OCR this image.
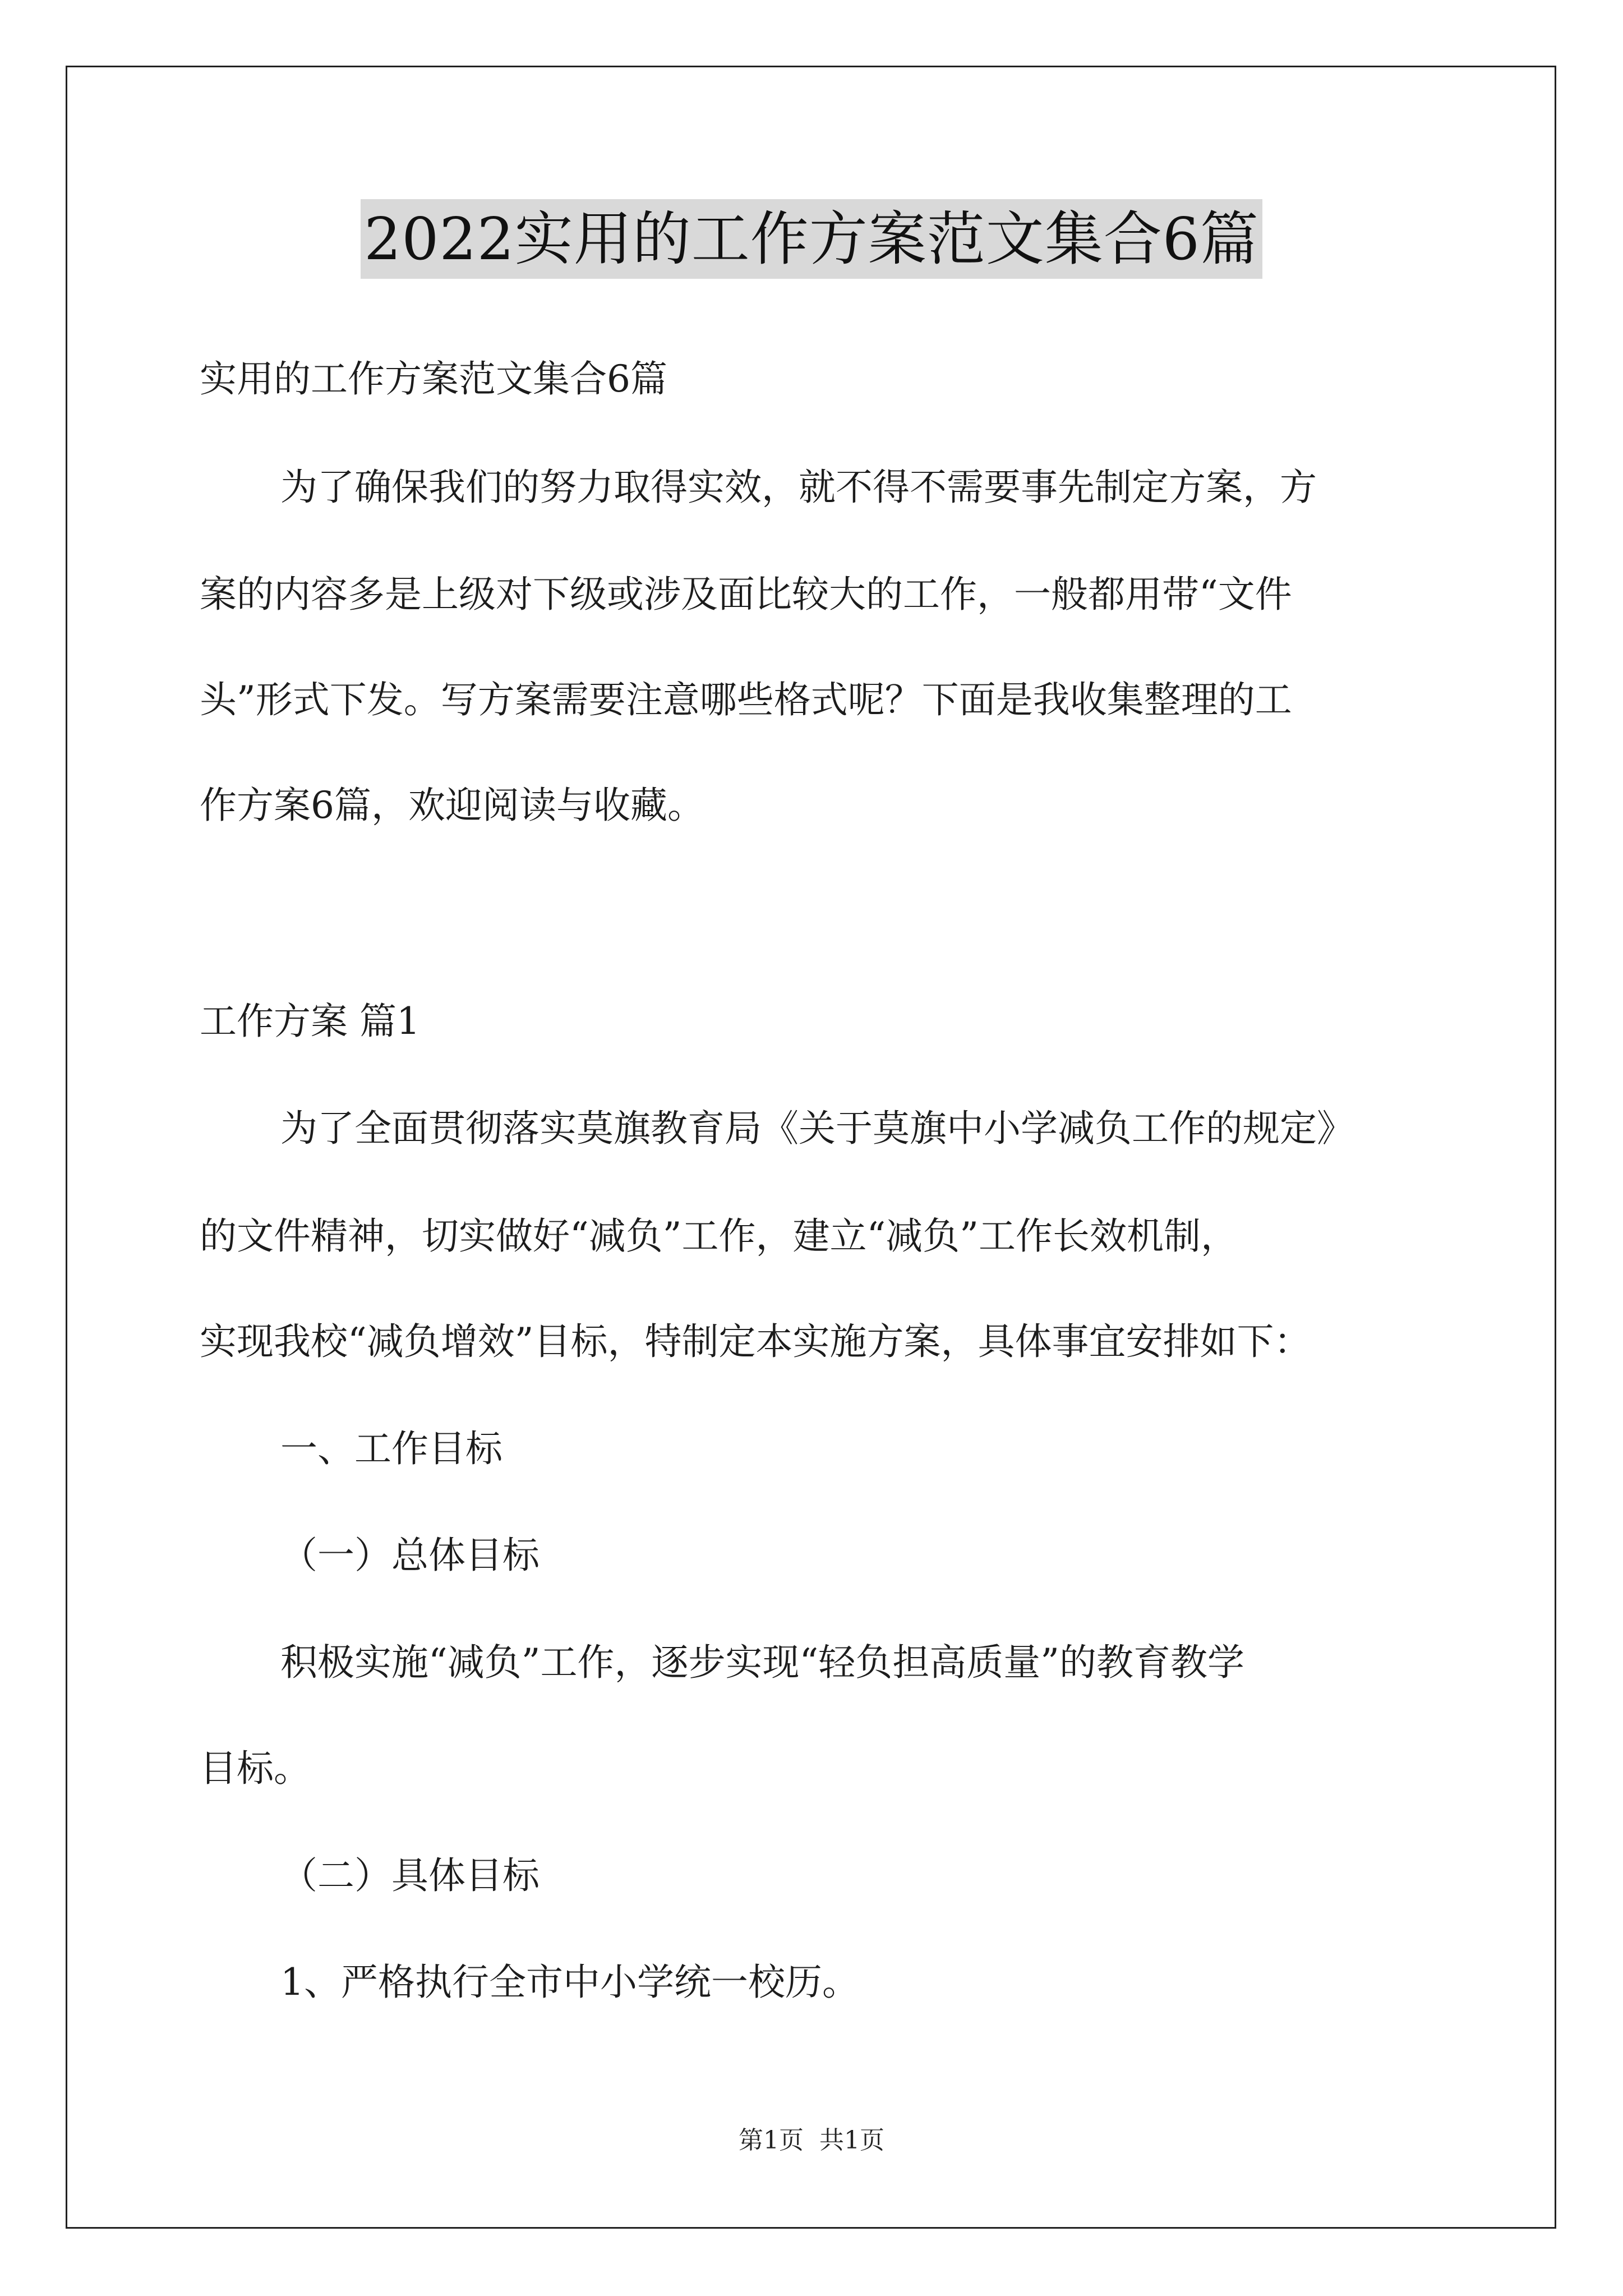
2022实用的工作方案范文集合6篇
实用的工作方案范文集合6篇
为了确保我们的努力取得实效，就不得不需要事先制定方案，方
案的内容多是上级对下级或涉及面比较大的工作，一般都用带“文件
头”形式下发。写方案需要注意哪些格式呢？下面是我收集整理的工
作方案6篇，欢迎阅读与收藏。
工作方案 篇1
为了全面贯彻落实莫旗教育局《关于莫旗中小学减负工作的规定》
的文件精神，切实做好“减负”工作，建立“减负”工作长效机制，
实现我校“减负增效”目标，特制定本实施方案，具体事宜安排如下：
一、工作目标
（一）总体目标
积极实施“减负”工作，逐步实现“轻负担高质量”的教育教学
目标。
（二）具体目标
1、严格执行全市中小学统一校历。
第1页 共1页
